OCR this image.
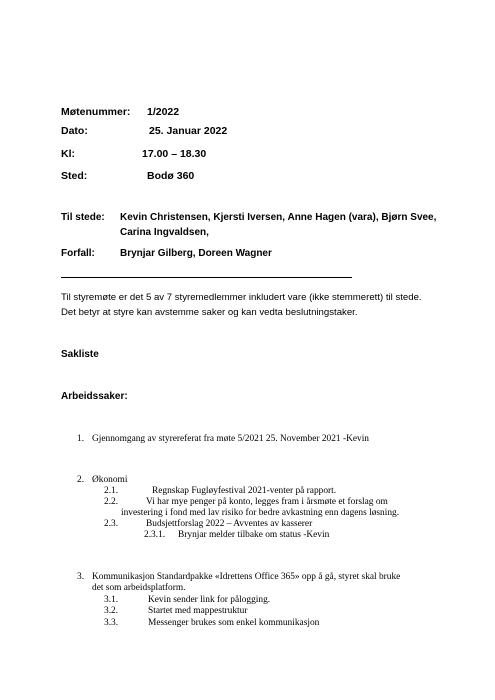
Møtenummer: 1/2022
Dato:	25. Januar 2022
Kl:	17.00 – 18.30
Sted:	Bodø 360
Til stede: Kevin Christensen, Kjersti Iversen, Anne Hagen (vara), Bjørn Svee,
Carina Ingvaldsen,
Forfall:	Brynjar Gilberg, Doreen Wagner
Til styremøte er det 5 av 7 styremedlemmer inkludert vare (ikke stemmerett) til stede.
Det betyr at styre kan avstemme saker og kan vedta beslutningstaker.
Sakliste
Arbeidssaker:
1. Gjennomgang av styrereferat fra møte 5/2021 25. November 2021 -Kevin
2. Økonomi
2.1.	Regnskap Fugløyfestival 2021-venter på rapport.
2.2.	Vi har mye penger på konto, legges fram i årsmøte et forslag om
investering i fond med lav risiko for bedre avkastning enn dagens løsning.
2.3.	Budsjettforslag 2022 – Avventes av kasserer
2.3.1. Brynjar melder tilbake om status -Kevin
3. Kommunikasjon Standardpakke «Idrettens Office 365» opp å gå, styret skal bruke
det som arbeidsplatform.
3.1.	Kevin sender link for pålogging.
3.2.	Startet med mappestruktur
3.3.	Messenger brukes som enkel kommunikasjon
